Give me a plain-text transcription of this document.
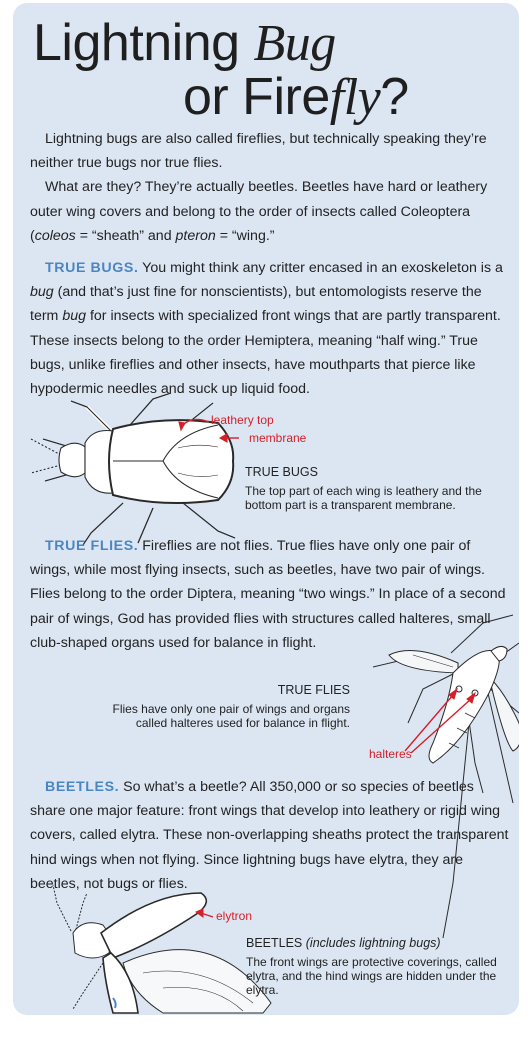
Lightning Bug
or Firefly?

Lightning bugs are also called fireflies, but technically speaking they’re neither true bugs nor true flies.

What are they? They’re actually beetles. Beetles have hard or leathery outer wing covers and belong to the order of insects called Coleoptera (coleos = “sheath” and pteron = “wing.”

TRUE BUGS. You might think any critter encased in an exoskeleton is a bug (and that’s just fine for nonscientists), but entomologists reserve the term bug for insects with specialized front wings that are partly transparent. These insects belong to the order Hemiptera, meaning “half wing.” True bugs, unlike fireflies and other insects, have mouthparts that pierce like hypodermic needles and suck up liquid food.

leathery top
membrane
TRUE BUGS
The top part of each wing is leathery and the bottom part is a transparent membrane.

TRUE FLIES. Fireflies are not flies. True flies have only one pair of wings, while most flying insects, such as beetles, have two pair of wings. Flies belong to the order Diptera, meaning “two wings.” In place of a second pair of wings, God has provided flies with structures called halteres, small club-shaped organs used for balance in flight.

TRUE FLIES
Flies have only one pair of wings and organs called halteres used for balance in flight.
halteres

BEETLES. So what’s a beetle? All 350,000 or so species of beetles share one major feature: front wings that develop into leathery or rigid wing covers, called elytra. These non-overlapping sheaths protect the transparent hind wings when not flying. Since lightning bugs have elytra, they are beetles, not bugs or flies.

elytron
BEETLES (includes lightning bugs)
The front wings are protective coverings, called elytra, and the hind wings are hidden under the elytra.
